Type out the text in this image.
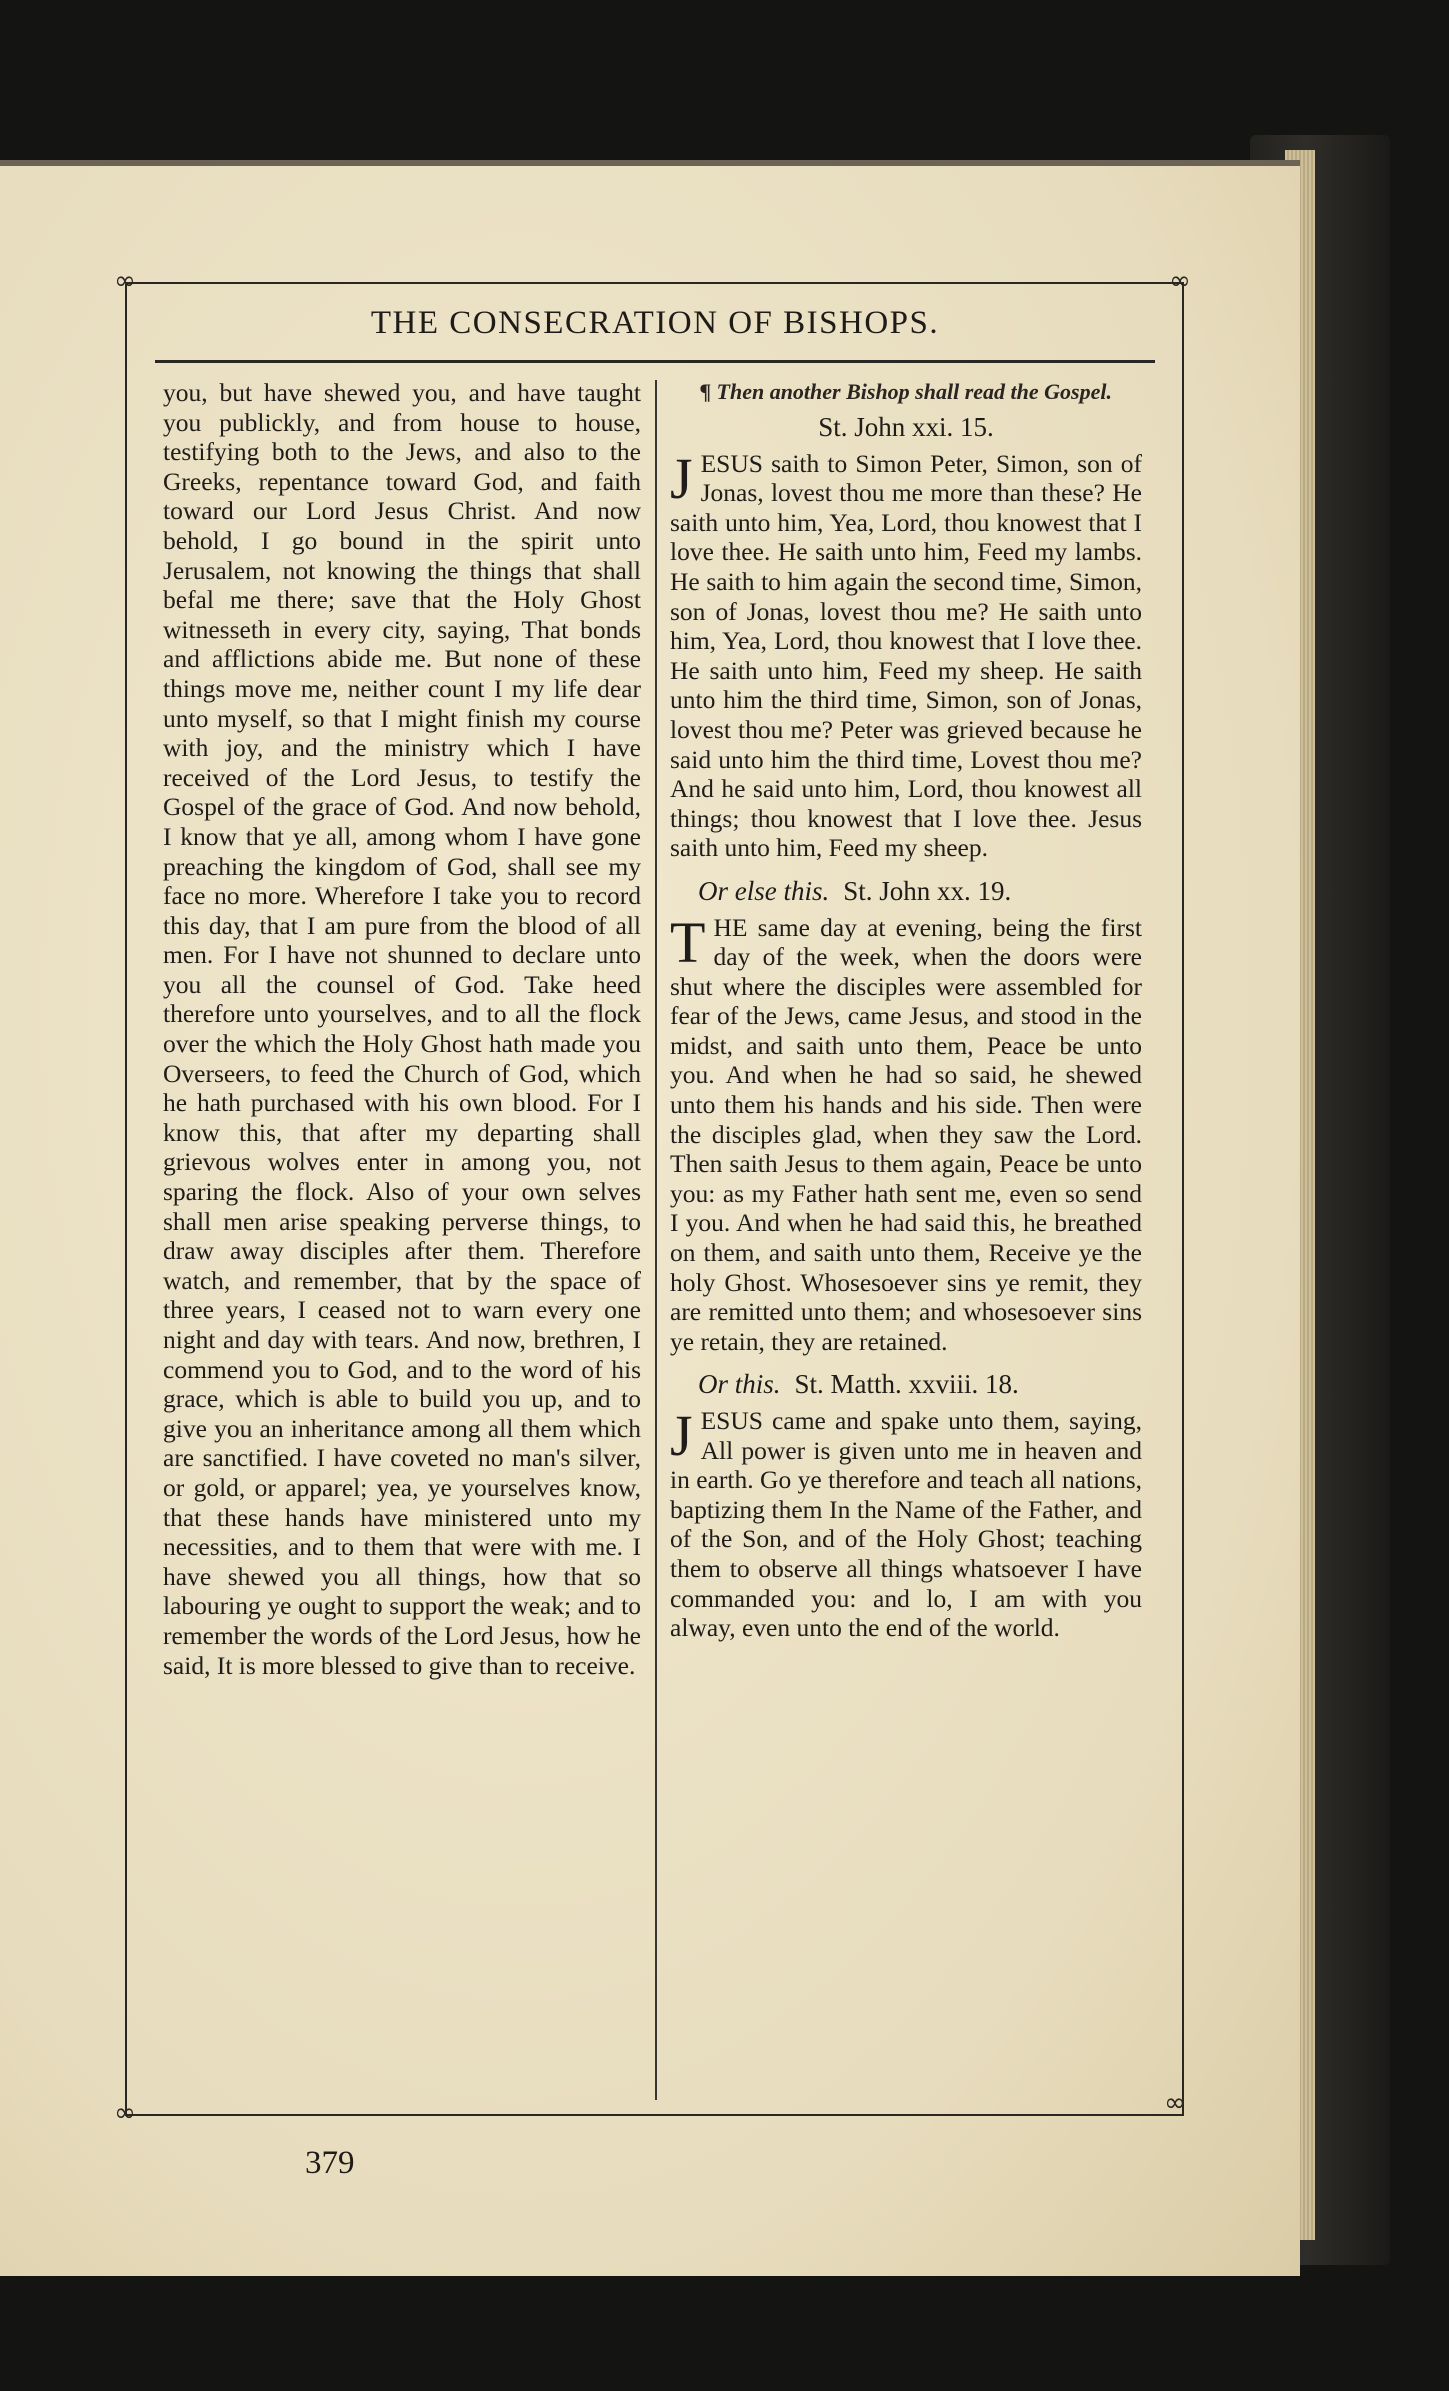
∞	∞
∞	∞
THE CONSECRATION OF BISHOPS.

you, but have shewed you, and have taught you publickly, and from house to house, testifying both to the Jews, and also to the Greeks, repentance toward God, and faith toward our Lord Jesus Christ. And now behold, I go bound in the spirit unto Jerusalem, not knowing the things that shall befal me there; save that the Holy Ghost witnesseth in every city, saying, That bonds and afflictions abide me. But none of these things move me, neither count I my life dear unto myself, so that I might finish my course with joy, and the ministry which I have received of the Lord Jesus, to testify the Gospel of the grace of God. And now behold, I know that ye all, among whom I have gone preaching the kingdom of God, shall see my face no more. Wherefore I take you to record this day, that I am pure from the blood of all men. For I have not shunned to declare unto you all the counsel of God. Take heed therefore unto yourselves, and to all the flock over the which the Holy Ghost hath made you Overseers, to feed the Church of God, which he hath purchased with his own blood. For I know this, that after my departing shall grievous wolves enter in among you, not sparing the flock. Also of your own selves shall men arise speaking perverse things, to draw away disciples after them. Therefore watch, and remember, that by the space of three years, I ceased not to warn every one night and day with tears. And now, brethren, I commend you to God, and to the word of his grace, which is able to build you up, and to give you an inheritance among all them which are sanctified. I have coveted no man's silver, or gold, or apparel; yea, ye yourselves know, that these hands have ministered unto my necessities, and to them that were with me. I have shewed you all things, how that so labouring ye ought to support the weak; and to remember the words of the Lord Jesus, how he said, It is more blessed to give than to receive.

¶ Then another Bishop shall read the Gospel.

St. John xxi. 15.

JESUS saith to Simon Peter, Simon, son of Jonas, lovest thou me more than these? He saith unto him, Yea, Lord, thou knowest that I love thee. He saith unto him, Feed my lambs. He saith to him again the second time, Simon, son of Jonas, lovest thou me? He saith unto him, Yea, Lord, thou knowest that I love thee. He saith unto him, Feed my sheep. He saith unto him the third time, Simon, son of Jonas, lovest thou me? Peter was grieved because he said unto him the third time, Lovest thou me? And he said unto him, Lord, thou knowest all things; thou knowest that I love thee. Jesus saith unto him, Feed my sheep.

Or else this. St. John xx. 19.

THE same day at evening, being the first day of the week, when the doors were shut where the disciples were assembled for fear of the Jews, came Jesus, and stood in the midst, and saith unto them, Peace be unto you. And when he had so said, he shewed unto them his hands and his side. Then were the disciples glad, when they saw the Lord. Then saith Jesus to them again, Peace be unto you: as my Father hath sent me, even so send I you. And when he had said this, he breathed on them, and saith unto them, Receive ye the holy Ghost. Whosesoever sins ye remit, they are remitted unto them; and whosesoever sins ye retain, they are retained.

Or this. St. Matth. xxviii. 18.

JESUS came and spake unto them, saying, All power is given unto me in heaven and in earth. Go ye therefore and teach all nations, baptizing them In the Name of the Father, and of the Son, and of the Holy Ghost; teaching them to observe all things whatsoever I have commanded you: and lo, I am with you alway, even unto the end of the world.

379
